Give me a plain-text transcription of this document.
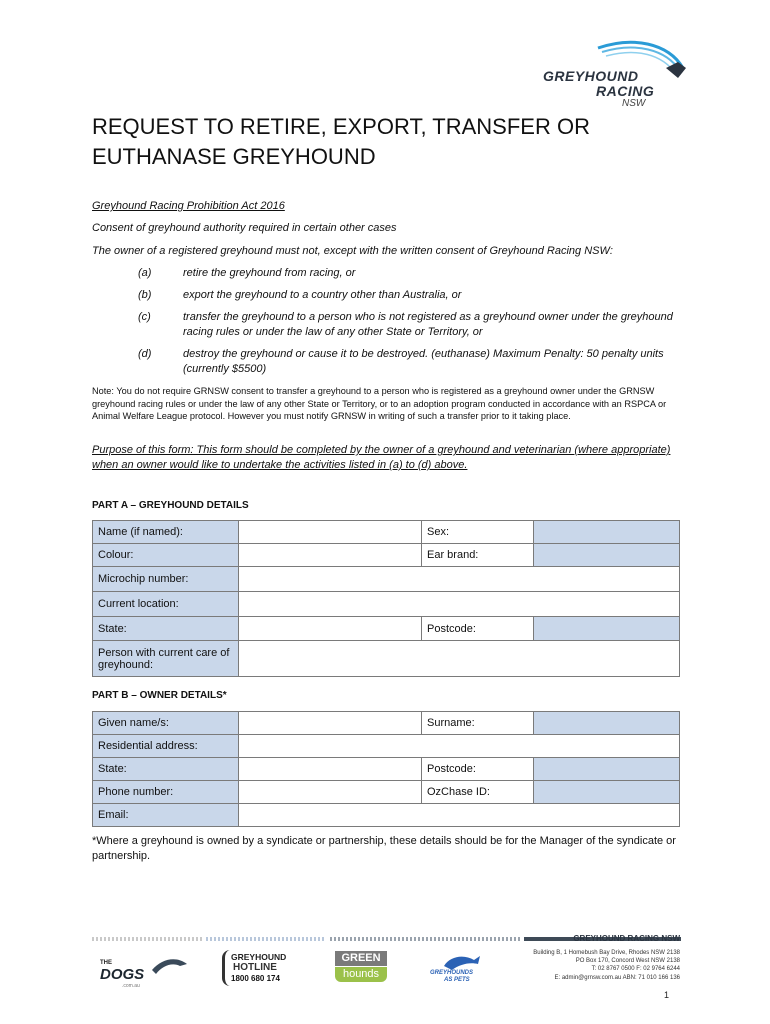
GREYHOUND
RACING
NSW
REQUEST TO RETIRE, EXPORT, TRANSFER OR EUTHANASE GREYHOUND

Greyhound Racing Prohibition Act 2016

Consent of greyhound authority required in certain other cases

The owner of a registered greyhound must not, except with the written consent of Greyhound Racing NSW:

(a)	retire the greyhound from racing, or
(b)	export the greyhound to a country other than Australia, or
(c)	transfer the greyhound to a person who is not registered as a greyhound owner under the greyhound racing rules or under the law of any other State or Territory, or
(d)	destroy the greyhound or cause it to be destroyed. (euthanase) Maximum Penalty: 50 penalty units (currently $5500)

Note: You do not require GRNSW consent to transfer a greyhound to a person who is registered as a greyhound owner under the GRNSW greyhound racing rules or under the law of any other State or Territory, or to an adoption program conducted in accordance with an RSPCA or Animal Welfare League protocol. However you must notify GRNSW in writing of such a transfer prior to it taking place.

Purpose of this form: This form should be completed by the owner of a greyhound and veterinarian (where appropriate) when an owner would like to undertake the activities listed in (a) to (d) above.

PART A – GREYHOUND DETAILS

Name (if named):		Sex:	
Colour:		Ear brand:	
Microchip number:			
Current location:			
State:		Postcode:	
Person with current care of greyhound:			

PART B – OWNER DETAILS*

Given name/s:		Surname:	
Residential address:			
State:		Postcode:	
Phone number:		OzChase ID:	
Email:			

*Where a greyhound is owned by a syndicate or partnership, these details should be for the Manager of the syndicate or partnership.

THE
DOGS
.com.au
GREYHOUND
HOTLINE
1800 680 174
GREEN
hounds	GREYHOUNDS
AS PETS
GREYHOUND RACING NSW
Building B, 1 Homebush Bay Drive, Rhodes NSW 2138
PO Box 170, Concord West NSW 2138
T: 02 8767 0500 F: 02 9764 6244
E: admin@grnsw.com.au ABN: 71 010 166 136
1
